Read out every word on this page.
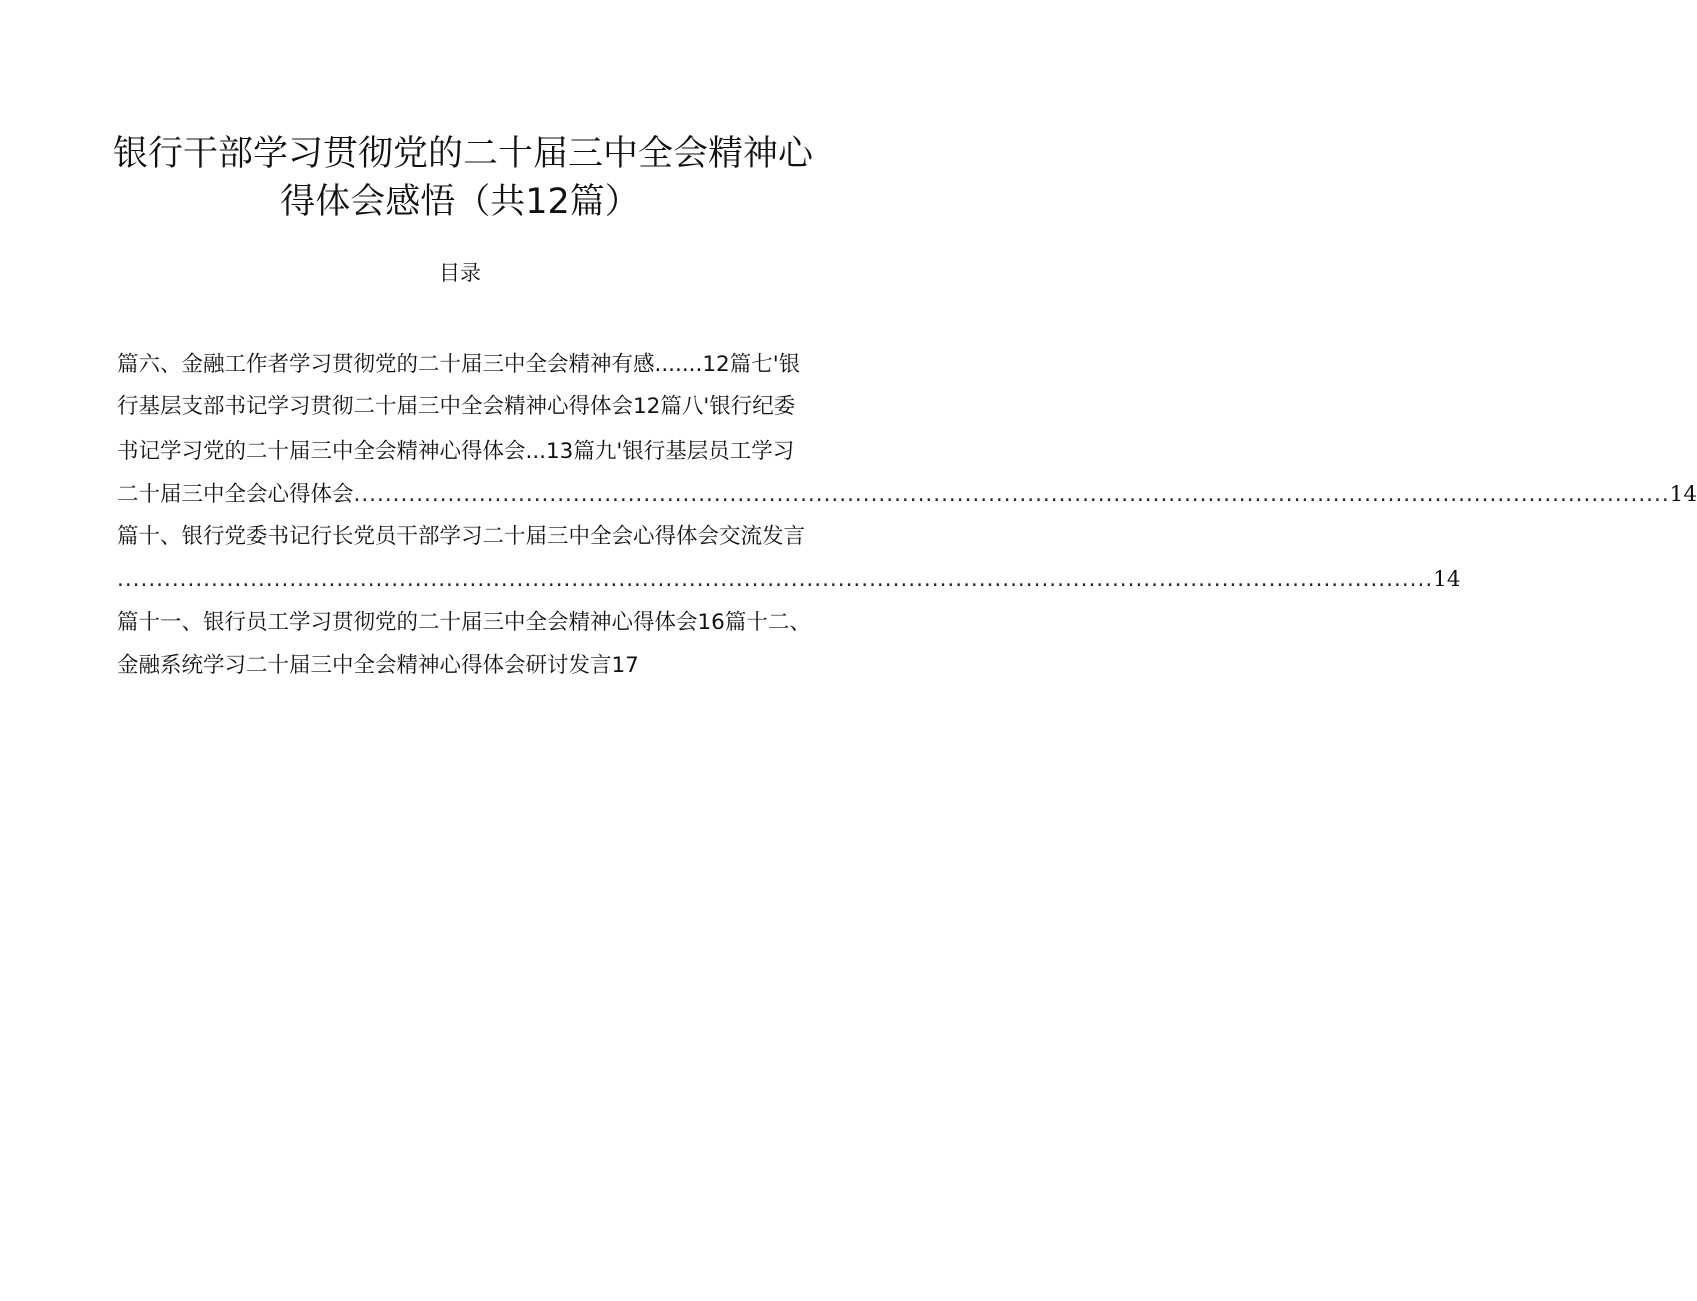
银行干部学习贯彻党的二十届三中全会精神心
得体会感悟（共12篇）
目录
篇六、金融工作者学习贯彻党的二十届三中全会精神有感.......12篇七'银
行基层支部书记学习贯彻二十届三中全会精神心得体会12篇八'银行纪委
书记学习党的二十届三中全会精神心得体会...13篇九'银行基层员工学习
二十届三中全会心得体会 ........................................................................................................................................................................ 14
篇十、银行党委书记行长党员干部学习二十届三中全会心得体会交流发言
........................................................................................................................................................................ 14
篇十一、银行员工学习贯彻党的二十届三中全会精神心得体会16篇十二、
金融系统学习二十届三中全会精神心得体会研讨发言17
